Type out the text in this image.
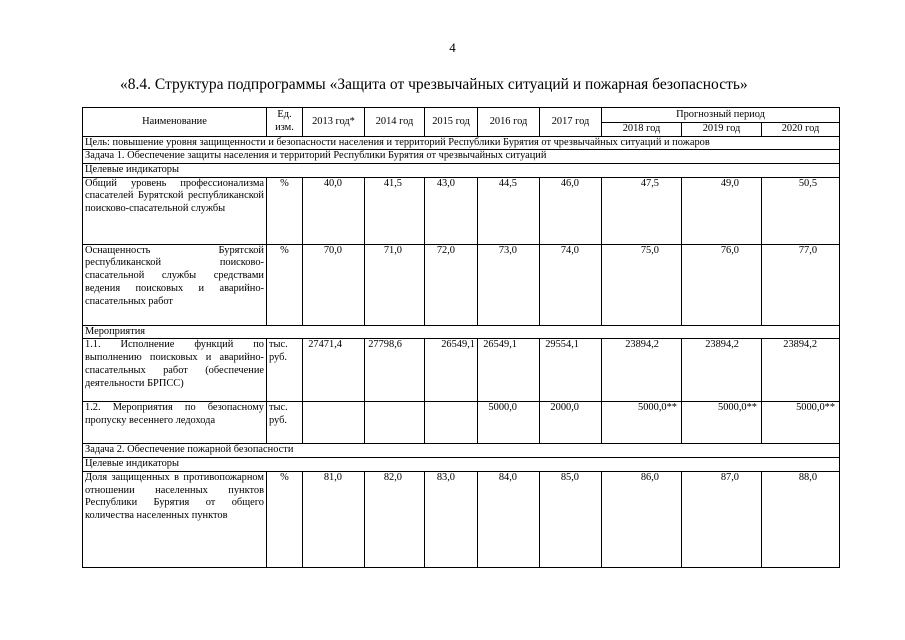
4
«8.4. Структура подпрограммы «Защита от чрезвычайных ситуаций и пожарная безопасность»
Наименование	Ед. изм.	2013 год*	2014 год	2015 год	2016 год	2017 год	Прогнозный период		
							2018 год	2019 год	2020 год
Цель: повышение уровня защищенности и безопасности населения и территорий Республики Бурятия от чрезвычайных ситуаций и пожаров									
Задача 1. Обеспечение защиты населения и территорий Республики Бурятия от чрезвычайных ситуаций									
Целевые индикаторы									
Общий уровень профессионализма спасателей Бурятской республиканской поисково-спасательной службы	%	40,0	41,5	43,0	44,5	46,0	47,5	49,0	50,5
Оснащенность Бурятской республиканской поисково-спасательной службы средствами ведения поисковых и аварийно-спасательных работ	%	70,0	71,0	72,0	73,0	74,0	75,0	76,0	77,0
Мероприятия									
1.1. Исполнение функций по выполнению поисковых и аварийно-спасательных работ (обеспечение деятельности БРПСС)	тыс. руб.	27471,4	27798,6	26549,1	26549,1	29554,1	23894,2	23894,2	23894,2
1.2. Мероприятия по безопасному пропуску весеннего ледохода	тыс. руб.				5000,0	2000,0	5000,0**	5000,0**	5000,0**
Задача 2. Обеспечение пожарной безопасности									
Целевые индикаторы									
Доля защищенных в противопожарном отношении населенных пунктов Республики Бурятия от общего количества населенных пунктов	%	81,0	82,0	83,0	84,0	85,0	86,0	87,0	88,0
